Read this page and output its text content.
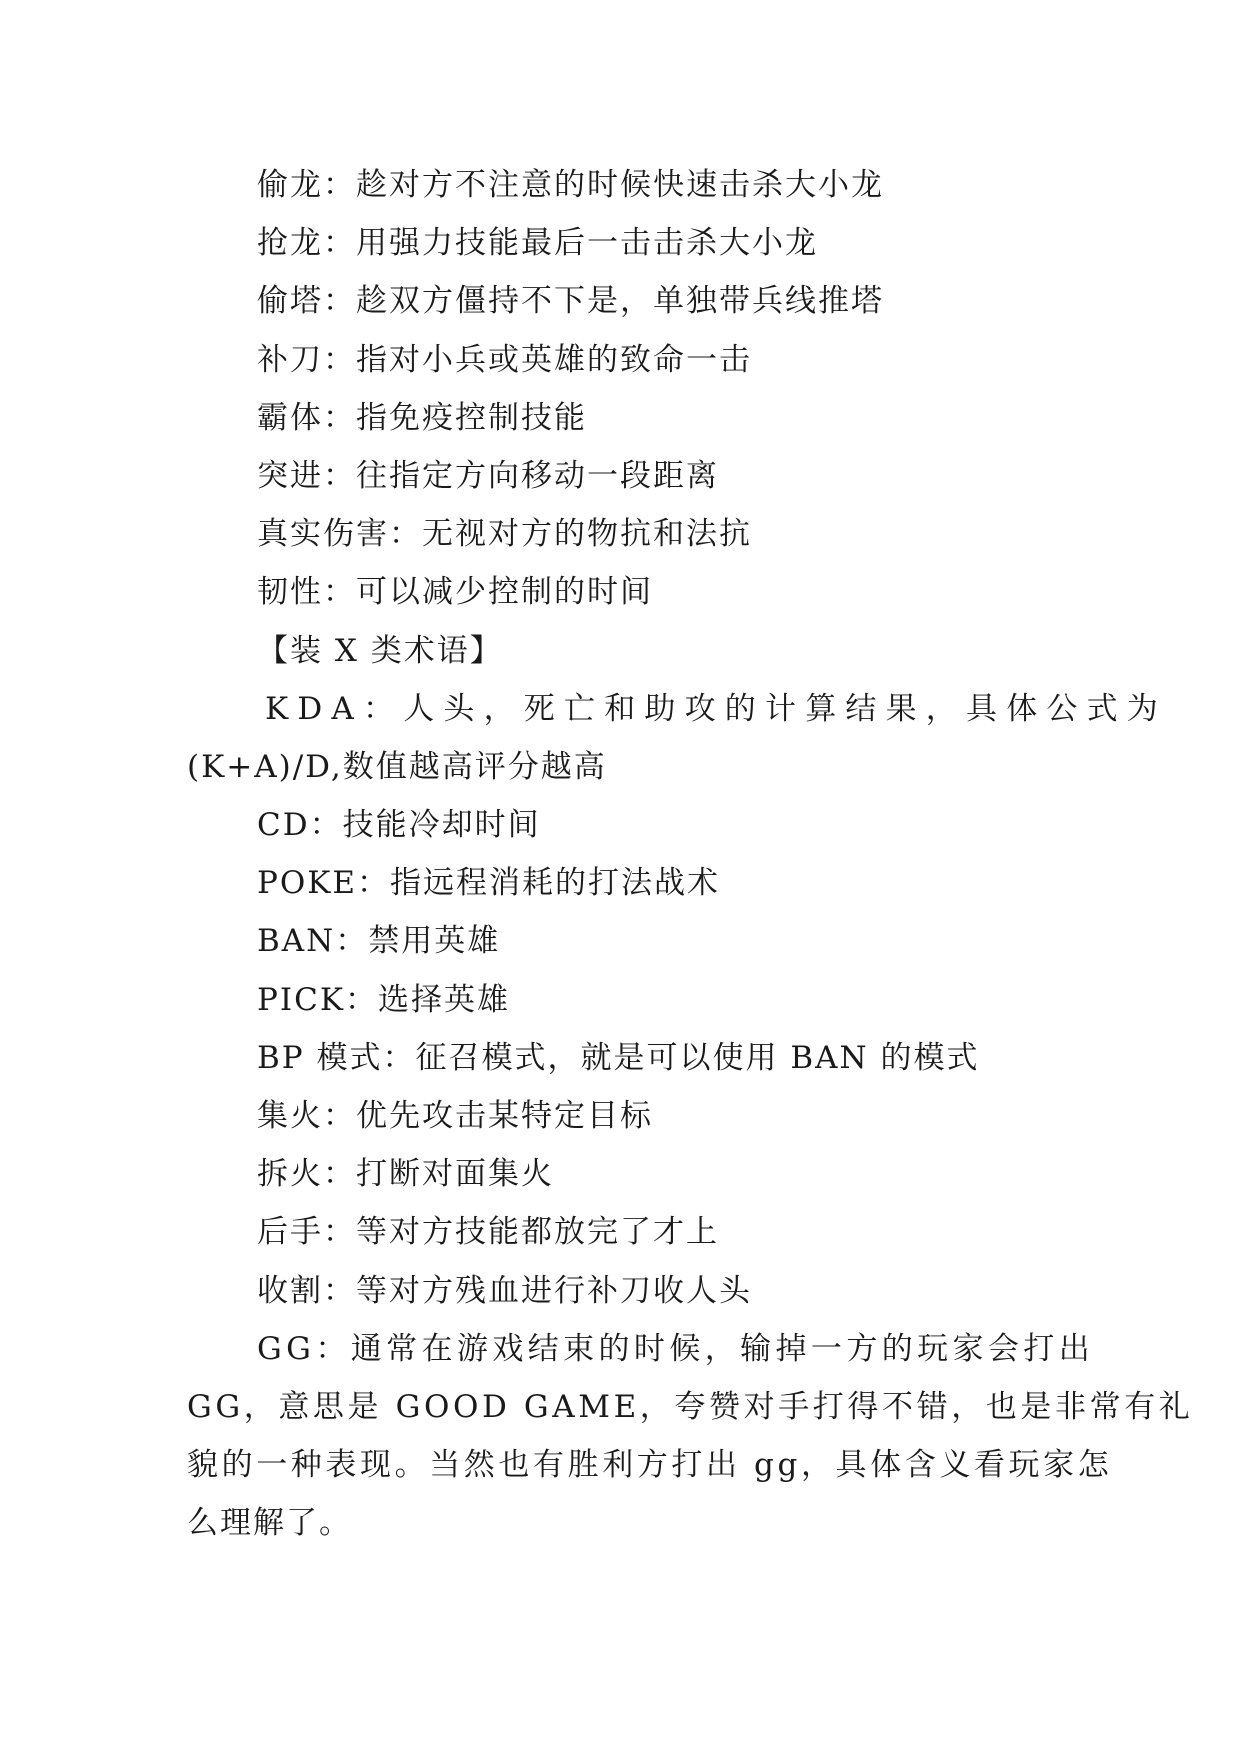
偷龙：趁对方不注意的时候快速击杀大小龙
抢龙：用强力技能最后一击击杀大小龙
偷塔：趁双方僵持不下是，单独带兵线推塔
补刀：指对小兵或英雄的致命一击
霸体：指免疫控制技能
突进：往指定方向移动一段距离
真实伤害：无视对方的物抗和法抗
韧性：可以减少控制的时间
【装 X 类术语】
KDA：人头，死亡和助攻的计算结果，具体公式为
(K+A)/D,数值越高评分越高
CD：技能冷却时间
POKE：指远程消耗的打法战术
BAN：禁用英雄
PICK：选择英雄
BP 模式：征召模式，就是可以使用 BAN 的模式
集火：优先攻击某特定目标
拆火：打断对面集火
后手：等对方技能都放完了才上
收割：等对方残血进行补刀收人头
GG：通常在游戏结束的时候，输掉一方的玩家会打出
GG，意思是 GOOD GAME，夸赞对手打得不错，也是非常有礼
貌的一种表现。当然也有胜利方打出 gg，具体含义看玩家怎
么理解了。
